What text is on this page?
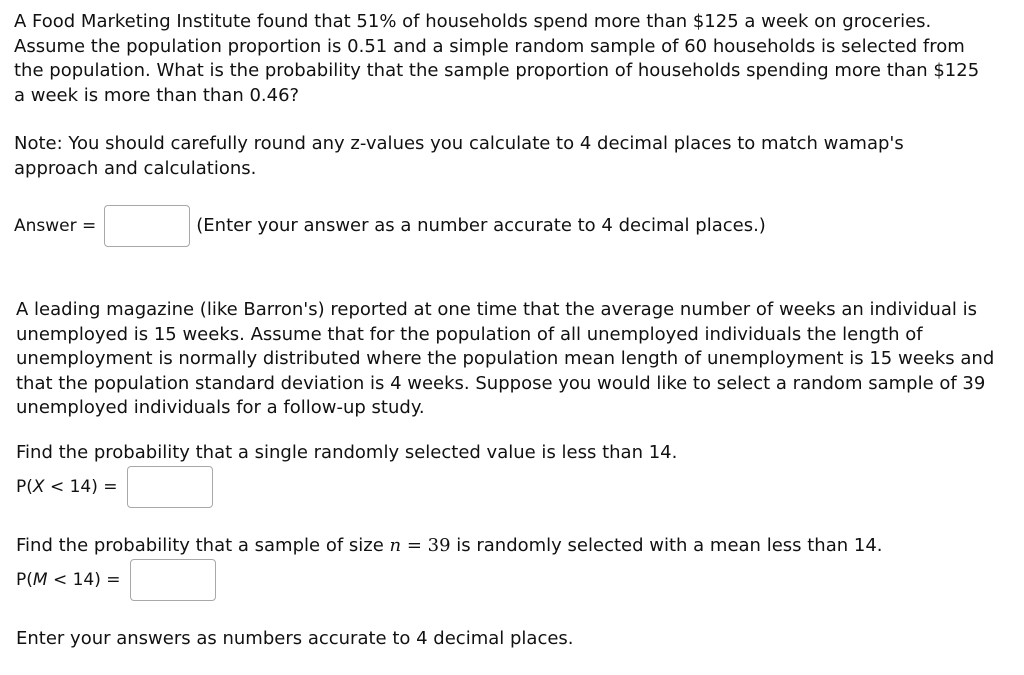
A Food Marketing Institute found that 51% of households spend more than $125 a week on groceries.
Assume the population proportion is 0.51 and a simple random sample of 60 households is selected from
the population. What is the probability that the sample proportion of households spending more than $125
a week is more than than 0.46?

Note: You should carefully round any z-values you calculate to 4 decimal places to match wamap's
approach and calculations.

Answer =	(Enter your answer as a number accurate to 4 decimal places.)

A leading magazine (like Barron's) reported at one time that the average number of weeks an individual is
unemployed is 15 weeks. Assume that for the population of all unemployed individuals the length of
unemployment is normally distributed where the population mean length of unemployment is 15 weeks and
that the population standard deviation is 4 weeks. Suppose you would like to select a random sample of 39
unemployed individuals for a follow-up study.

Find the probability that a single randomly selected value is less than 14.

P(X < 14) =

Find the probability that a sample of size n = 39 is randomly selected with a mean less than 14.

P(M < 14) =

Enter your answers as numbers accurate to 4 decimal places.
